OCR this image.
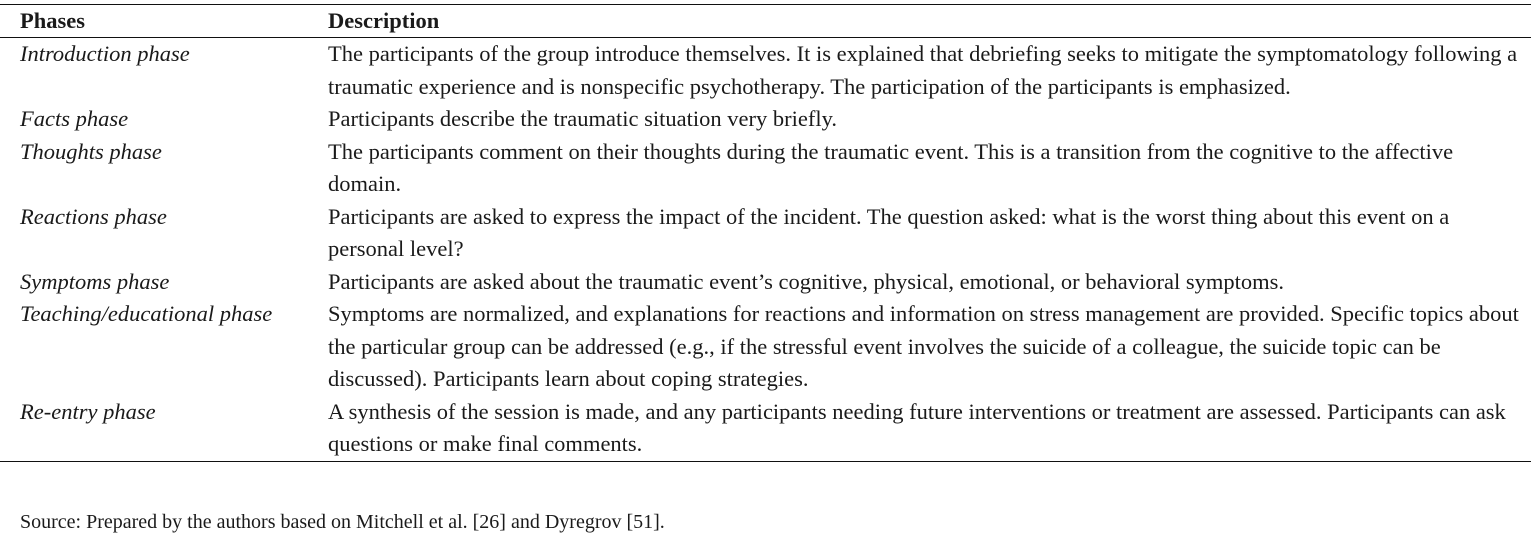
Phases	Description
Introduction phase	The participants of the group introduce themselves. It is explained that debriefing seeks to mitigate the symptomatology following a traumatic experience and is nonspecific psychotherapy. The participation of the participants is emphasized.
Facts phase	Participants describe the traumatic situation very briefly.
Thoughts phase	The participants comment on their thoughts during the traumatic event. This is a transition from the cognitive to the affective domain.
Reactions phase	Participants are asked to express the impact of the incident. The question asked: what is the worst thing about this event on a personal level?
Symptoms phase	Participants are asked about the traumatic event’s cognitive, physical, emotional, or behavioral symptoms.
Teaching/educational phase	Symptoms are normalized, and explanations for reactions and information on stress management are provided. Specific topics about the particular group can be addressed (e.g., if the stressful event involves the suicide of a colleague, the suicide topic can be discussed). Participants learn about coping strategies.
Re-entry phase	A synthesis of the session is made, and any participants needing future interventions or treatment are assessed. Participants can ask questions or make final comments.
Source: Prepared by the authors based on Mitchell et al. [26] and Dyregrov [51].
